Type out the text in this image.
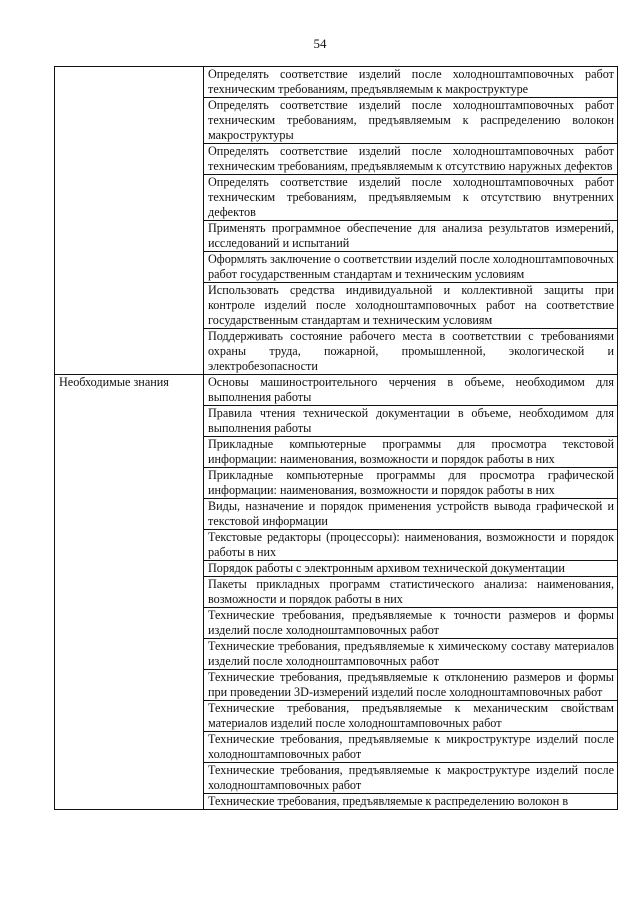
54
	Определять соответствие изделий после холодноштамповочных работ техническим требованиям, предъявляемым к макроструктуре
	Определять соответствие изделий после холодноштамповочных работ техническим требованиям, предъявляемым к распределению волокон макроструктуры
	Определять соответствие изделий после холодноштамповочных работ техническим требованиям, предъявляемым к отсутствию наружных дефектов
	Определять соответствие изделий после холодноштамповочных работ техническим требованиям, предъявляемым к отсутствию внутренних дефектов
	Применять программное обеспечение для анализа результатов измерений, исследований и испытаний
	Оформлять заключение о соответствии изделий после холодноштамповочных работ государственным стандартам и техническим условиям
	Использовать средства индивидуальной и коллективной защиты при контроле изделий после холодноштамповочных работ на соответствие государственным стандартам и техническим условиям
	Поддерживать состояние рабочего места в соответствии с требованиями охраны труда, пожарной, промышленной, экологической и электробезопасности
Необходимые знания	Основы машиностроительного черчения в объеме, необходимом для выполнения работы
	Правила чтения технической документации в объеме, необходимом для выполнения работы
	Прикладные компьютерные программы для просмотра текстовой информации: наименования, возможности и порядок работы в них
	Прикладные компьютерные программы для просмотра графической информации: наименования, возможности и порядок работы в них
	Виды, назначение и порядок применения устройств вывода графической и текстовой информации
	Текстовые редакторы (процессоры): наименования, возможности и порядок работы в них
	Порядок работы с электронным архивом технической документации
	Пакеты прикладных программ статистического анализа: наименования, возможности и порядок работы в них
	Технические требования, предъявляемые к точности размеров и формы изделий после холодноштамповочных работ
	Технические требования, предъявляемые к химическому составу материалов изделий после холодноштамповочных работ
	Технические требования, предъявляемые к отклонению размеров и формы при проведении 3D-измерений изделий после холодноштамповочных работ
	Технические требования, предъявляемые к механическим свойствам материалов изделий после холодноштамповочных работ
	Технические требования, предъявляемые к микроструктуре изделий после холодноштамповочных работ
	Технические требования, предъявляемые к макроструктуре изделий после холодноштамповочных работ
	Технические требования, предъявляемые к распределению волокон в
